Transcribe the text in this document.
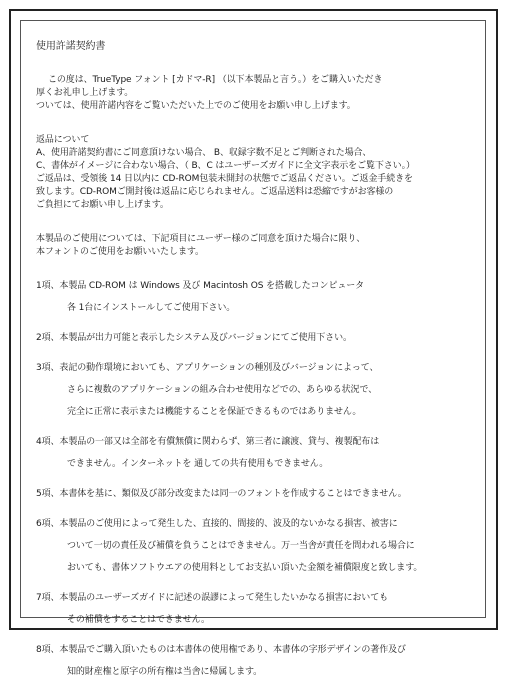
使用許諾契約書

この度は、TrueType フォント [カドマ-R] （以下本製品と言う。）をご購入いただき

厚くお礼申し上げます。

ついては、使用許諾内容をご覧いただいた上でのご使用をお願い申し上げます。

返品について

A、使用許諾契約書にご同意頂けない場合、 B、収録字数不足とご判断された場合、

C、書体がイメージに合わない場合、（ B、C はユーザーズガイドに全文字表示をご覧下さい。）

ご返品は、受領後 14 日以内に CD-ROM包装未開封の状態でご返品ください。ご返金手続きを

致します。CD-ROMご開封後は返品に応じられません。ご返品送料は恐縮ですがお客様の

ご負担にてお願い申し上げます。

本製品のご使用については、下記項目にユーザー様のご同意を頂けた場合に限り、

本フォントのご使用をお願いいたします。

1項、本製品 CD-ROM は Windows 及び Macintosh OS を搭載したコンピュータ

各 1台にインストールしてご使用下さい。

2項、本製品が出力可能と表示したシステム及びバージョンにてご使用下さい。

3項、表記の動作環境においても、アプリケーションの種別及びバージョンによって、

さらに複数のアプリケーションの組み合わせ使用などでの、あらゆる状況で、

完全に正常に表示または機能することを保証できるものではありません。

4項、本製品の一部又は全部を有償無償に関わらず、第三者に譲渡、貸与、複製配布は

できません。インターネットを 通しての共有使用もできません。

5項、本書体を基に、類似及び部分改変または同一のフォントを作成することはできません。

6項、本製品のご使用によって発生した、直接的、間接的、波及的ないかなる損害、被害に

ついて一切の責任及び補償を負うことはできません。万一当舎が責任を問われる場合に

おいても、書体ソフトウエアの使用料としてお支払い頂いた金額を補償限度と致します。

7項、本製品のユーザーズガイドに記述の誤謬によって発生したいかなる損害においても

その補償をすることはできません。

8項、本製品でご購入頂いたものは本書体の使用権であり、本書体の字形デザインの著作及び

知的財産権と原字の所有権は当舎に帰属します。
